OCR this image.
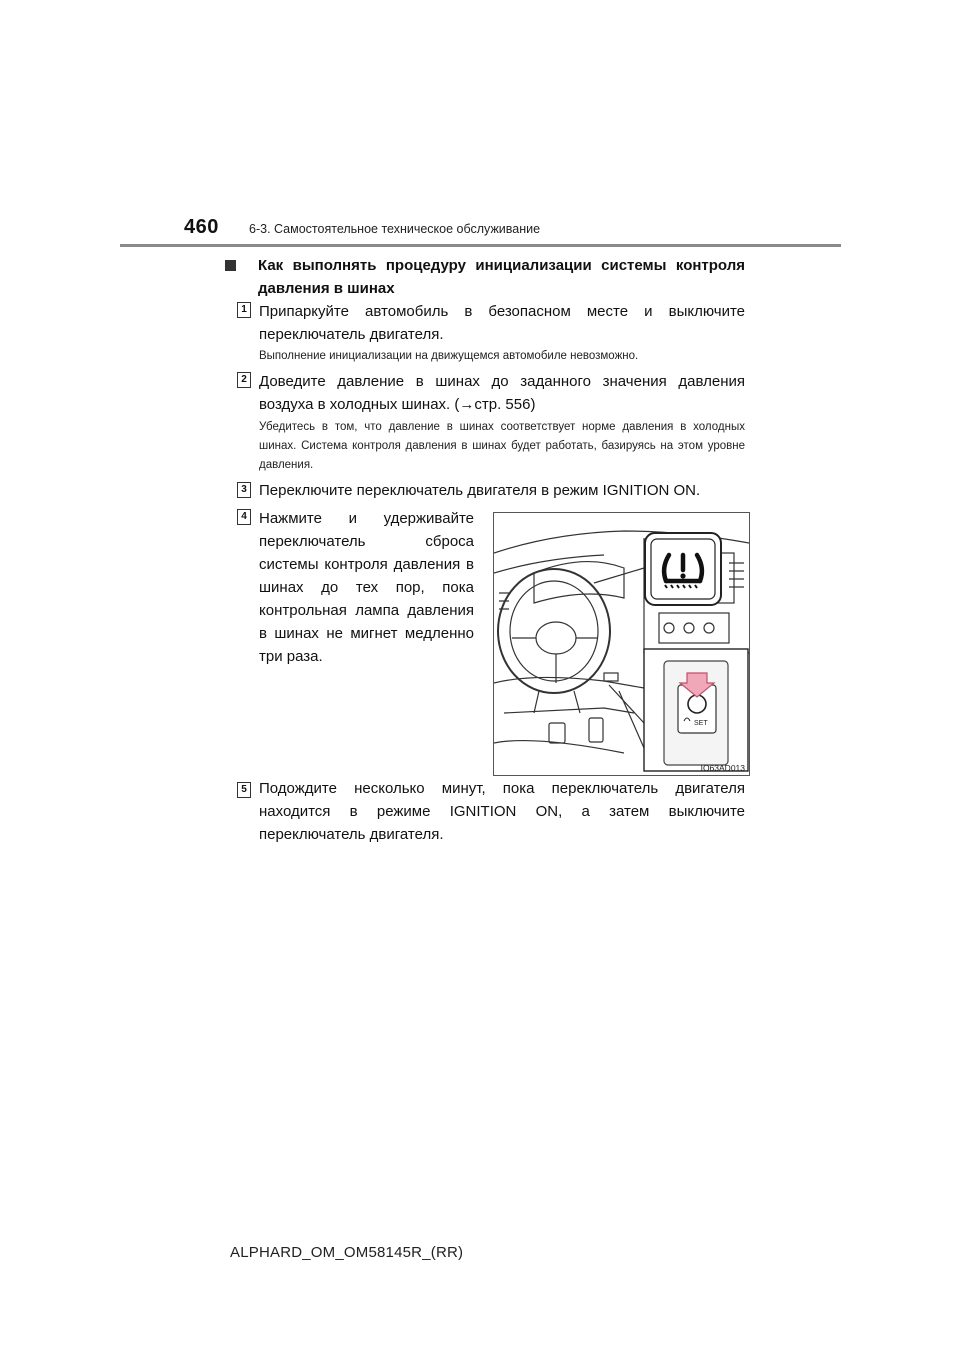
460 6-3. Самостоятельное техническое обслуживание
Как выполнять процедуру инициализации системы контроля
давления в шинах
1 Припаркуйте автомобиль в безопасном месте и выключите переключатель двигателя.
Выполнение инициализации на движущемся автомобиле невозможно.
2 Доведите давление в шинах до заданного значения давления воздуха в холодных шинах. (→стр. 556)
Убедитесь в том, что давление в шинах соответствует норме давления в холодных шинах. Система контроля давления в шинах будет работать, базируясь на этом уровне давления.
3 Переключите переключатель двигателя в режим IGNITION ON.
4 Нажмите и удерживайте переключатель сброса системы контроля давления в шинах до тех пор, пока контрольная лампа давления в шинах не мигнет медленно
три раза.
SET
IO63AD013
5 Подождите несколько минут, пока переключатель двигателя находится в режиме IGNITION ON, а затем выключите переключатель двигателя.
ALPHARD_OM_OM58145R_(RR)
